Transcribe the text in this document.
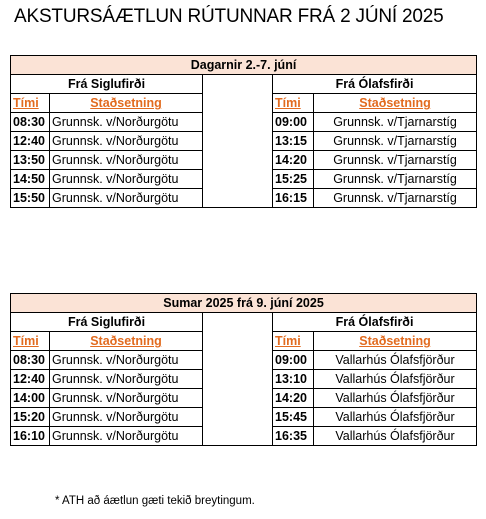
AKSTURSÁÆTLUN RÚTUNNAR FRÁ 2 JÚNÍ 2025
Dagarnir 2.-7. júní				
Frá Siglufirði			Frá Ólafsfirði	
Tími	Staðsetning		Tími	Staðsetning
08:30	Grunnsk. v/Norðurgötu		09:00	Grunnsk. v/Tjarnarstíg
12:40	Grunnsk. v/Norðurgötu		13:15	Grunnsk. v/Tjarnarstíg
13:50	Grunnsk. v/Norðurgötu		14:20	Grunnsk. v/Tjarnarstíg
14:50	Grunnsk. v/Norðurgötu		15:25	Grunnsk. v/Tjarnarstíg
15:50	Grunnsk. v/Norðurgötu		16:15	Grunnsk. v/Tjarnarstíg
Sumar 2025 frá 9. júní 2025				
Frá Siglufirði			Frá Ólafsfirði	
Tími	Staðsetning		Tími	Staðsetning
08:30	Grunnsk. v/Norðurgötu		09:00	Vallarhús Ólafsfjörður
12:40	Grunnsk. v/Norðurgötu		13:10	Vallarhús Ólafsfjörður
14:00	Grunnsk. v/Norðurgötu		14:20	Vallarhús Ólafsfjörður
15:20	Grunnsk. v/Norðurgötu		15:45	Vallarhús Ólafsfjörður
16:10	Grunnsk. v/Norðurgötu		16:35	Vallarhús Ólafsfjörður
* ATH að áætlun gæti tekið breytingum.
